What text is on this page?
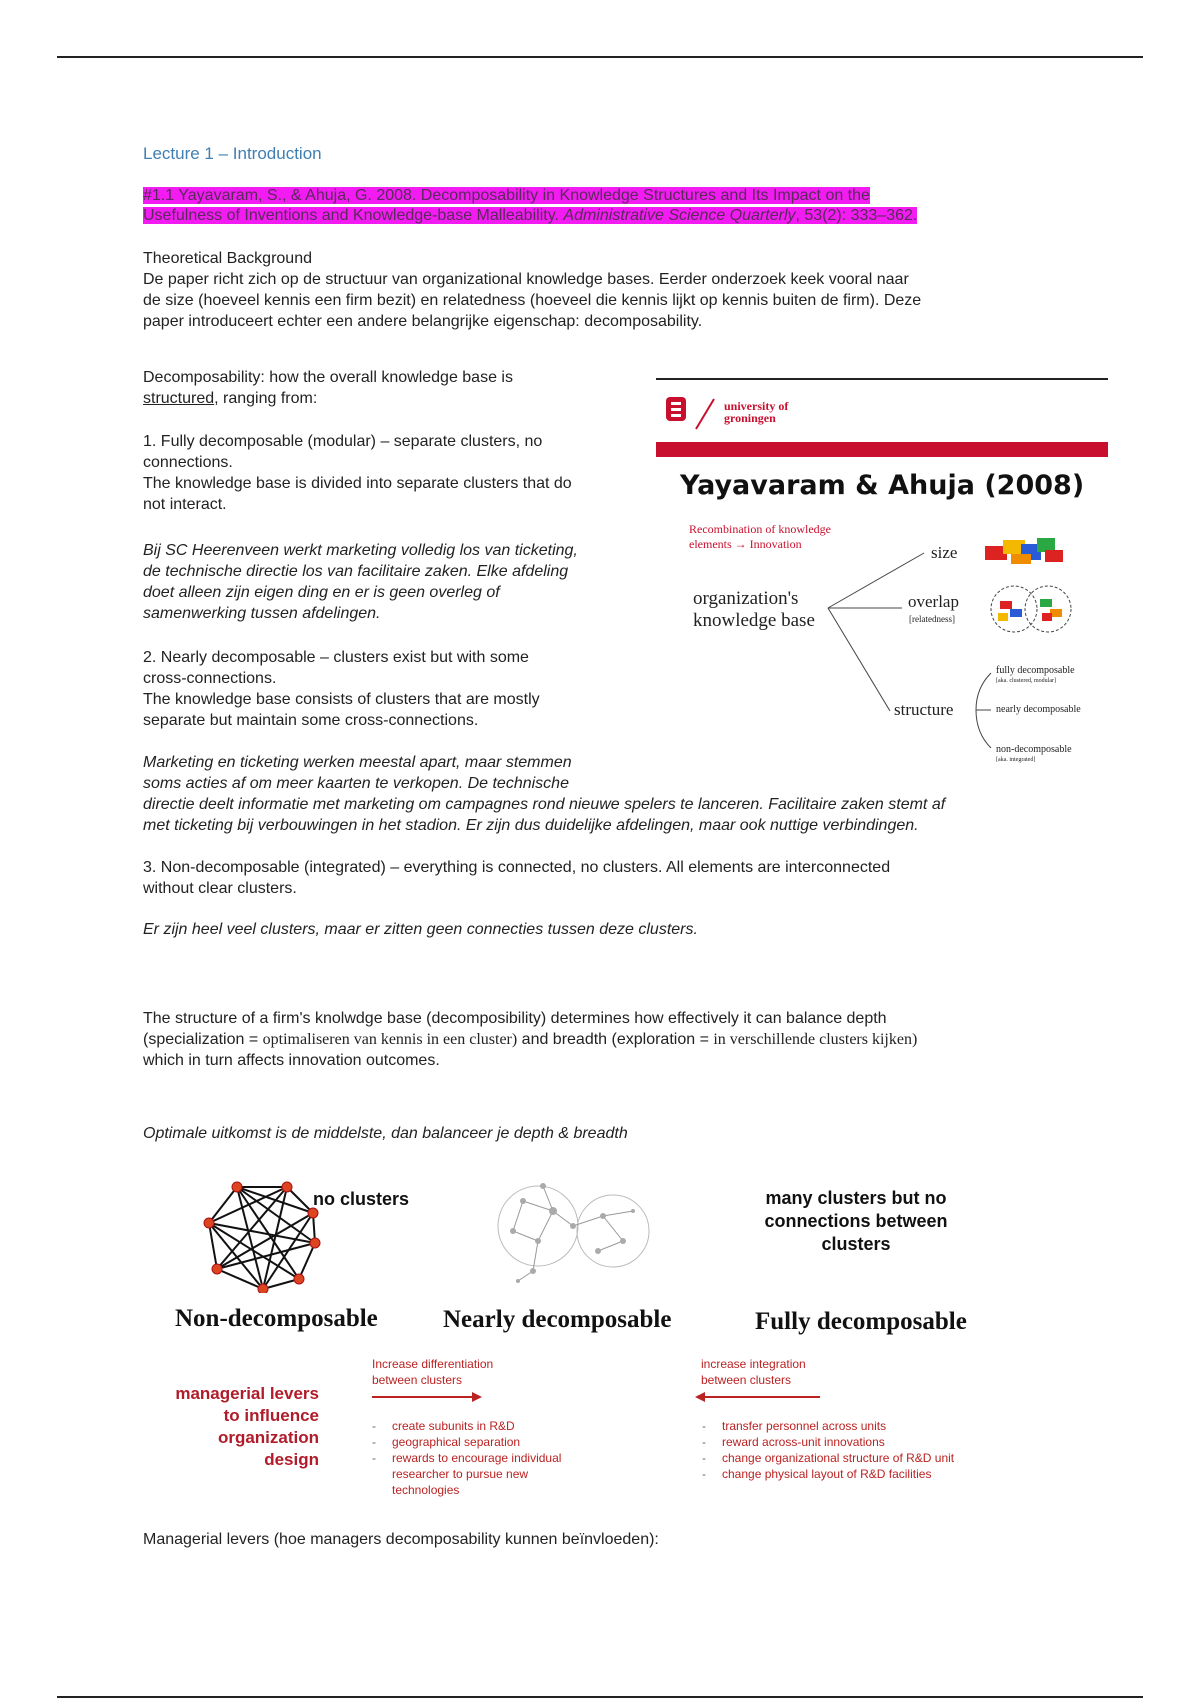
Lecture 1 – Introduction
#1.1 Yayavaram, S., & Ahuja, G. 2008. Decomposability in Knowledge Structures and Its Impact on the
Usefulness of Inventions and Knowledge-base Malleability. Administrative Science Quarterly, 53(2): 333–362.

Theoretical Background

De paper richt zich op de structuur van organizational knowledge bases. Eerder onderzoek keek vooral naar

de size (hoeveel kennis een firm bezit) en relatedness (hoeveel die kennis lijkt op kennis buiten de firm). Deze

paper introduceert echter een andere belangrijke eigenschap: decomposability.

Decomposability: how the overall knowledge base is

structured, ranging from:

1. Fully decomposable (modular) – separate clusters, no

connections.

The knowledge base is divided into separate clusters that do

not interact.

Bij SC Heerenveen werkt marketing volledig los van ticketing,

de technische directie los van facilitaire zaken. Elke afdeling

doet alleen zijn eigen ding en er is geen overleg of

samenwerking tussen afdelingen.

2. Nearly decomposable – clusters exist but with some

cross-connections.

The knowledge base consists of clusters that are mostly

separate but maintain some cross-connections.

Marketing en ticketing werken meestal apart, maar stemmen

soms acties af om meer kaarten te verkopen. De technische

directie deelt informatie met marketing om campagnes rond nieuwe spelers te lanceren. Facilitaire zaken stemt af

met ticketing bij verbouwingen in het stadion. Er zijn dus duidelijke afdelingen, maar ook nuttige verbindingen.

3. Non-decomposable (integrated) – everything is connected, no clusters. All elements are interconnected

without clear clusters.

Er zijn heel veel clusters, maar er zitten geen connecties tussen deze clusters.

The structure of a firm's knolwdge base (decomposibility) determines how effectively it can balance depth

(specialization = optimaliseren van kennis in een cluster) and breadth (exploration = in verschillende clusters kijken)

which in turn affects innovation outcomes.

Optimale uitkomst is de middelste, dan balanceer je depth & breadth

university of
groningen
Yayavaram & Ahuja (2008)
Recombination of knowledge
elements → Innovation
organization's
knowledge base
size
overlap
[relatedness]
structure
fully decomposable
[aka. clustered, modular]
nearly decomposable
non-decomposable
[aka. integrated]
no clusters	many clusters but no
connections between
clusters
Non-decomposable	Nearly decomposable	Fully decomposable
managerial levers
to influence
organization
design
Increase differentiation
between clusters
increase integration
between clusters
- create subunits in R&D
- geographical separation
- rewards to encourage individual researcher to pursue new technologies
- transfer personnel across units
- reward across-unit innovations
- change organizational structure of R&D unit
- change physical layout of R&D facilities

Managerial levers (hoe managers decomposability kunnen beïnvloeden):
